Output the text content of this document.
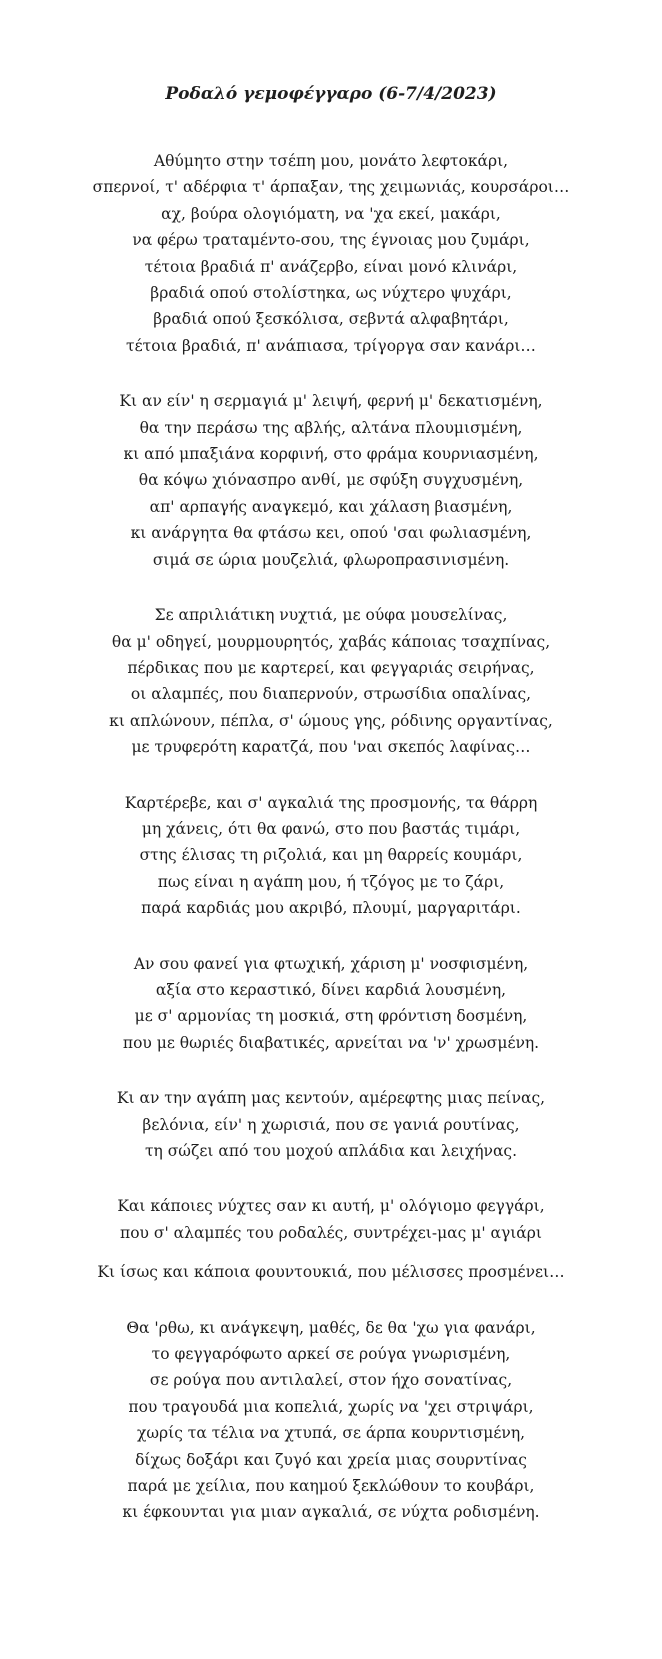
Ροδαλό γεμοφέγγαρο (6-7/4/2023)
Αθύμητο στην τσέπη μου, μονάτο λεφτοκάρι,
σπερνοί, τ' αδέρφια τ' άρπαξαν, της χειμωνιάς, κουρσάροι…
αχ, βούρα ολογιόματη, να 'χα εκεί, μακάρι,
να φέρω τραταμέντο-σου, της έγνοιας μου ζυμάρι,
τέτοια βραδιά π' ανάζερβο, είναι μονό κλινάρι,
βραδιά οπού στολίστηκα, ως νύχτερο ψυχάρι,
βραδιά οπού ξεσκόλισα, σεβντά αλφαβητάρι,
τέτοια βραδιά, π' ανάπιασα, τρίγοργα σαν κανάρι…
Κι αν είν' η σερμαγιά μ' λειψή, φερνή μ' δεκατισμένη,
θα την περάσω της αβλής, αλτάνα πλουμισμένη,
κι από μπαξιάνα κορφινή, στο φράμα κουρνιασμένη,
θα κόψω χιόνασπρο ανθί, με σφύξη συγχυσμένη,
απ' αρπαγής αναγκεμό, και χάλαση βιασμένη,
κι ανάργητα θα φτάσω κει, οπού 'σαι φωλιασμένη,
σιμά σε ώρια μουζελιά, φλωροπρασινισμένη.
Σε απριλιάτικη νυχτιά, με ούφα μουσελίνας,
θα μ' οδηγεί, μουρμουρητός, χαβάς κάποιας τσαχπίνας,
πέρδικας που με καρτερεί, και φεγγαριάς σειρήνας,
οι αλαμπές, που διαπερνούν, στρωσίδια οπαλίνας,
κι απλώνουν, πέπλα, σ' ώμους γης, ρόδινης οργαντίνας,
με τρυφερότη καρατζά, που 'ναι σκεπός λαφίνας…
Καρτέρεβε, και σ' αγκαλιά της προσμονής, τα θάρρη
μη χάνεις, ότι θα φανώ, στο που βαστάς τιμάρι,
στης έλισας τη ριζολιά, και μη θαρρείς κουμάρι,
πως είναι η αγάπη μου, ή τζόγος με το ζάρι,
παρά καρδιάς μου ακριβό, πλουμί, μαργαριτάρι.
Αν σου φανεί για φτωχική, χάριση μ' νοσφισμένη,
αξία στο κεραστικό, δίνει καρδιά λουσμένη,
με σ' αρμονίας τη μοσκιά, στη φρόντιση δοσμένη,
που με θωριές διαβατικές, αρνείται να 'ν' χρωσμένη.
Κι αν την αγάπη μας κεντούν, αμέρεφτης μιας πείνας,
βελόνια, είν' η χωρισιά, που σε γανιά ρουτίνας,
τη σώζει από του μοχού απλάδια και λειχήνας.
Και κάποιες νύχτες σαν κι αυτή, μ' ολόγιομο φεγγάρι,
που σ' αλαμπές του ροδαλές, συντρέχει-μας μ' αγιάρι
Κι ίσως και κάποια φουντουκιά, που μέλισσες προσμένει…
Θα 'ρθω, κι ανάγκεψη, μαθές, δε θα 'χω για φανάρι,
το φεγγαρόφωτο αρκεί σε ρούγα γνωρισμένη,
σε ρούγα που αντιλαλεί, στον ήχο σονατίνας,
που τραγουδά μια κοπελιά, χωρίς να 'χει στριψάρι,
χωρίς τα τέλια να χτυπά, σε άρπα κουρντισμένη,
δίχως δοξάρι και ζυγό και χρεία μιας σουρντίνας
παρά με χείλια, που καημού ξεκλώθουν το κουβάρι,
κι έφκουνται για μιαν αγκαλιά, σε νύχτα ροδισμένη.
